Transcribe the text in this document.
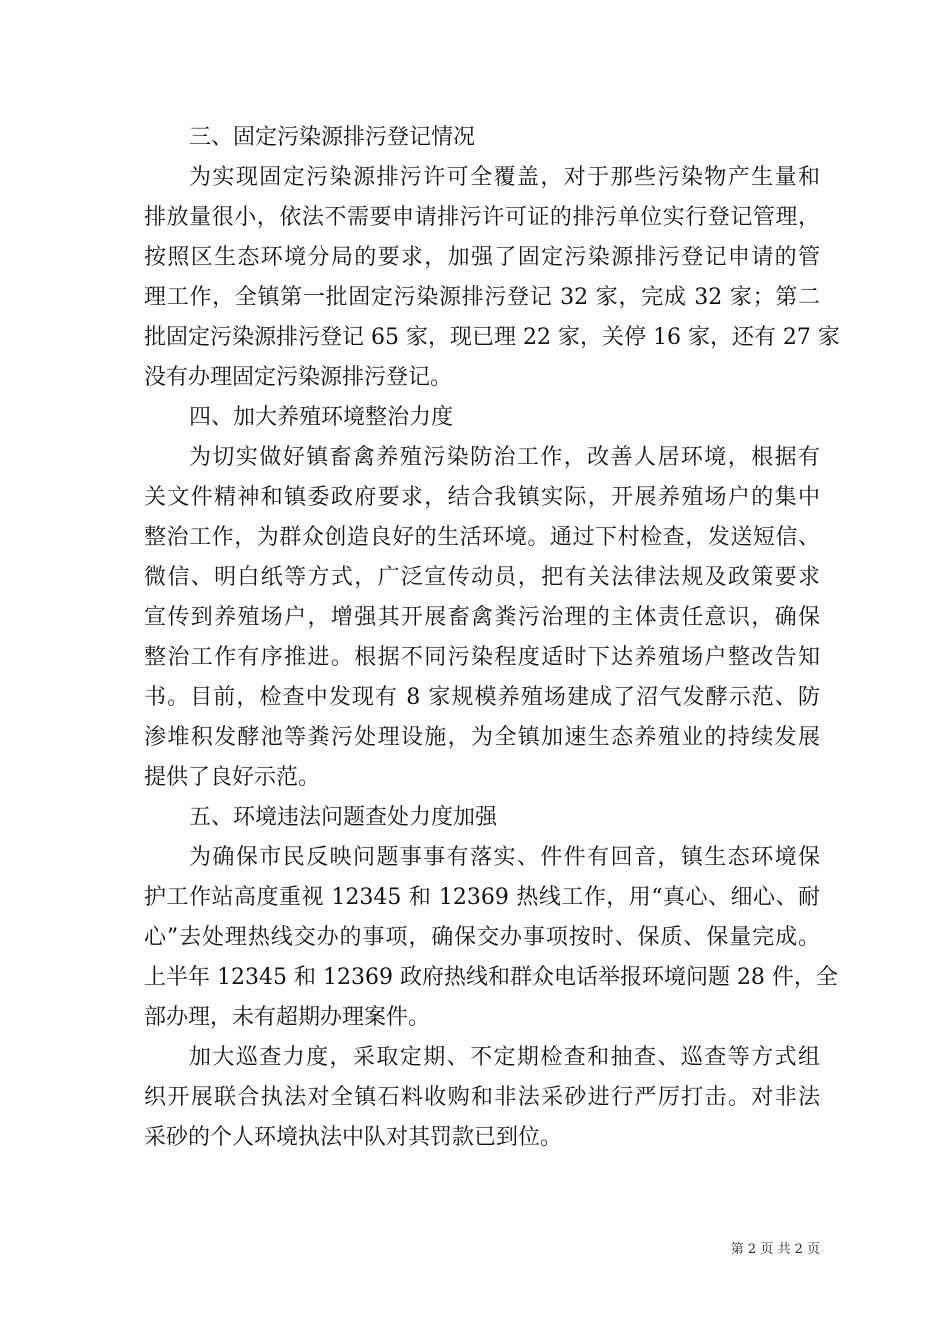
三、固定污染源排污登记情况
为实现固定污染源排污许可全覆盖，对于那些污染物产生量和
排放量很小，依法不需要申请排污许可证的排污单位实行登记管理，
按照区生态环境分局的要求，加强了固定污染源排污登记申请的管
理工作，全镇第一批固定污染源排污登记 32 家，完成 32 家；第二
批固定污染源排污登记 65 家，现已理 22 家，关停 16 家，还有 27 家
没有办理固定污染源排污登记。
四、加大养殖环境整治力度
为切实做好镇畜禽养殖污染防治工作，改善人居环境，根据有
关文件精神和镇委政府要求，结合我镇实际，开展养殖场户的集中
整治工作，为群众创造良好的生活环境。通过下村检查，发送短信、
微信、明白纸等方式，广泛宣传动员，把有关法律法规及政策要求
宣传到养殖场户，增强其开展畜禽粪污治理的主体责任意识，确保
整治工作有序推进。根据不同污染程度适时下达养殖场户整改告知
书。目前，检查中发现有 8 家规模养殖场建成了沼气发酵示范、防
渗堆积发酵池等粪污处理设施，为全镇加速生态养殖业的持续发展
提供了良好示范。
五、环境违法问题查处力度加强
为确保市民反映问题事事有落实、件件有回音，镇生态环境保
护工作站高度重视 12345 和 12369 热线工作，用“真心、细心、耐
心”去处理热线交办的事项，确保交办事项按时、保质、保量完成。
上半年 12345 和 12369 政府热线和群众电话举报环境问题 28 件，全
部办理，未有超期办理案件。
加大巡查力度，采取定期、不定期检查和抽查、巡查等方式组
织开展联合执法对全镇石料收购和非法采砂进行严厉打击。对非法
采砂的个人环境执法中队对其罚款已到位。
第 2 页 共 2 页
